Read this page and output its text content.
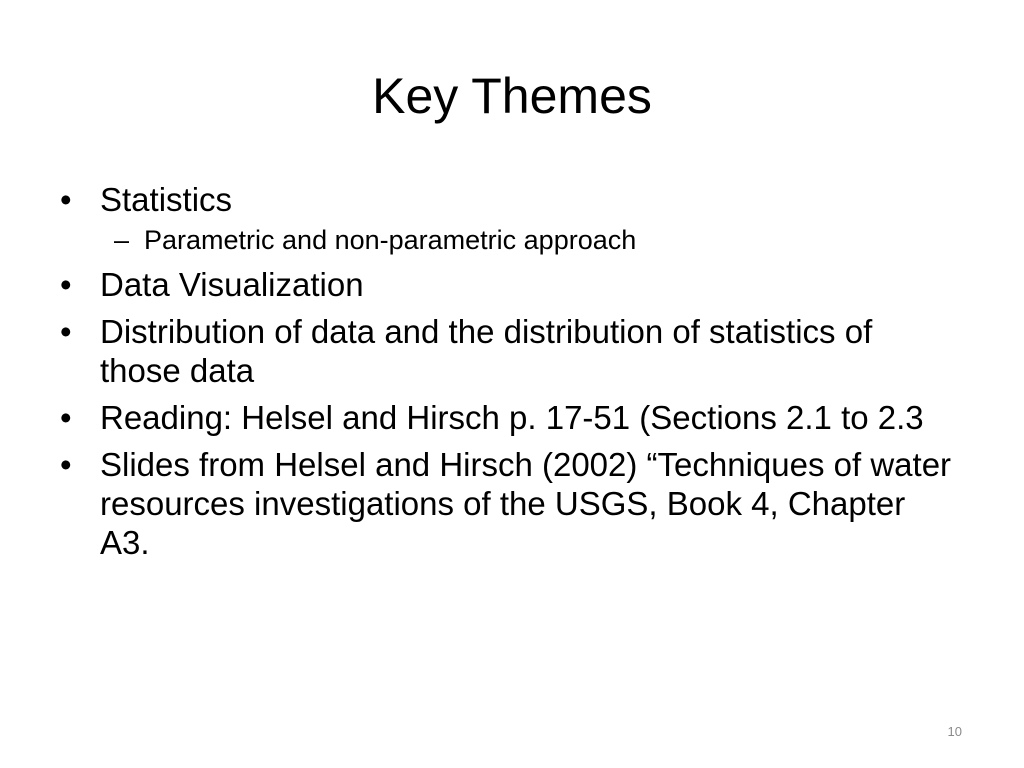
Key Themes
• Statistics
– Parametric and non-parametric approach
• Data Visualization
• Distribution of data and the distribution of statistics of those data
• Reading: Helsel and Hirsch p. 17-51 (Sections 2.1 to 2.3
• Slides from Helsel and Hirsch (2002) “Techniques of water resources investigations of the USGS, Book 4, Chapter A3.
10
